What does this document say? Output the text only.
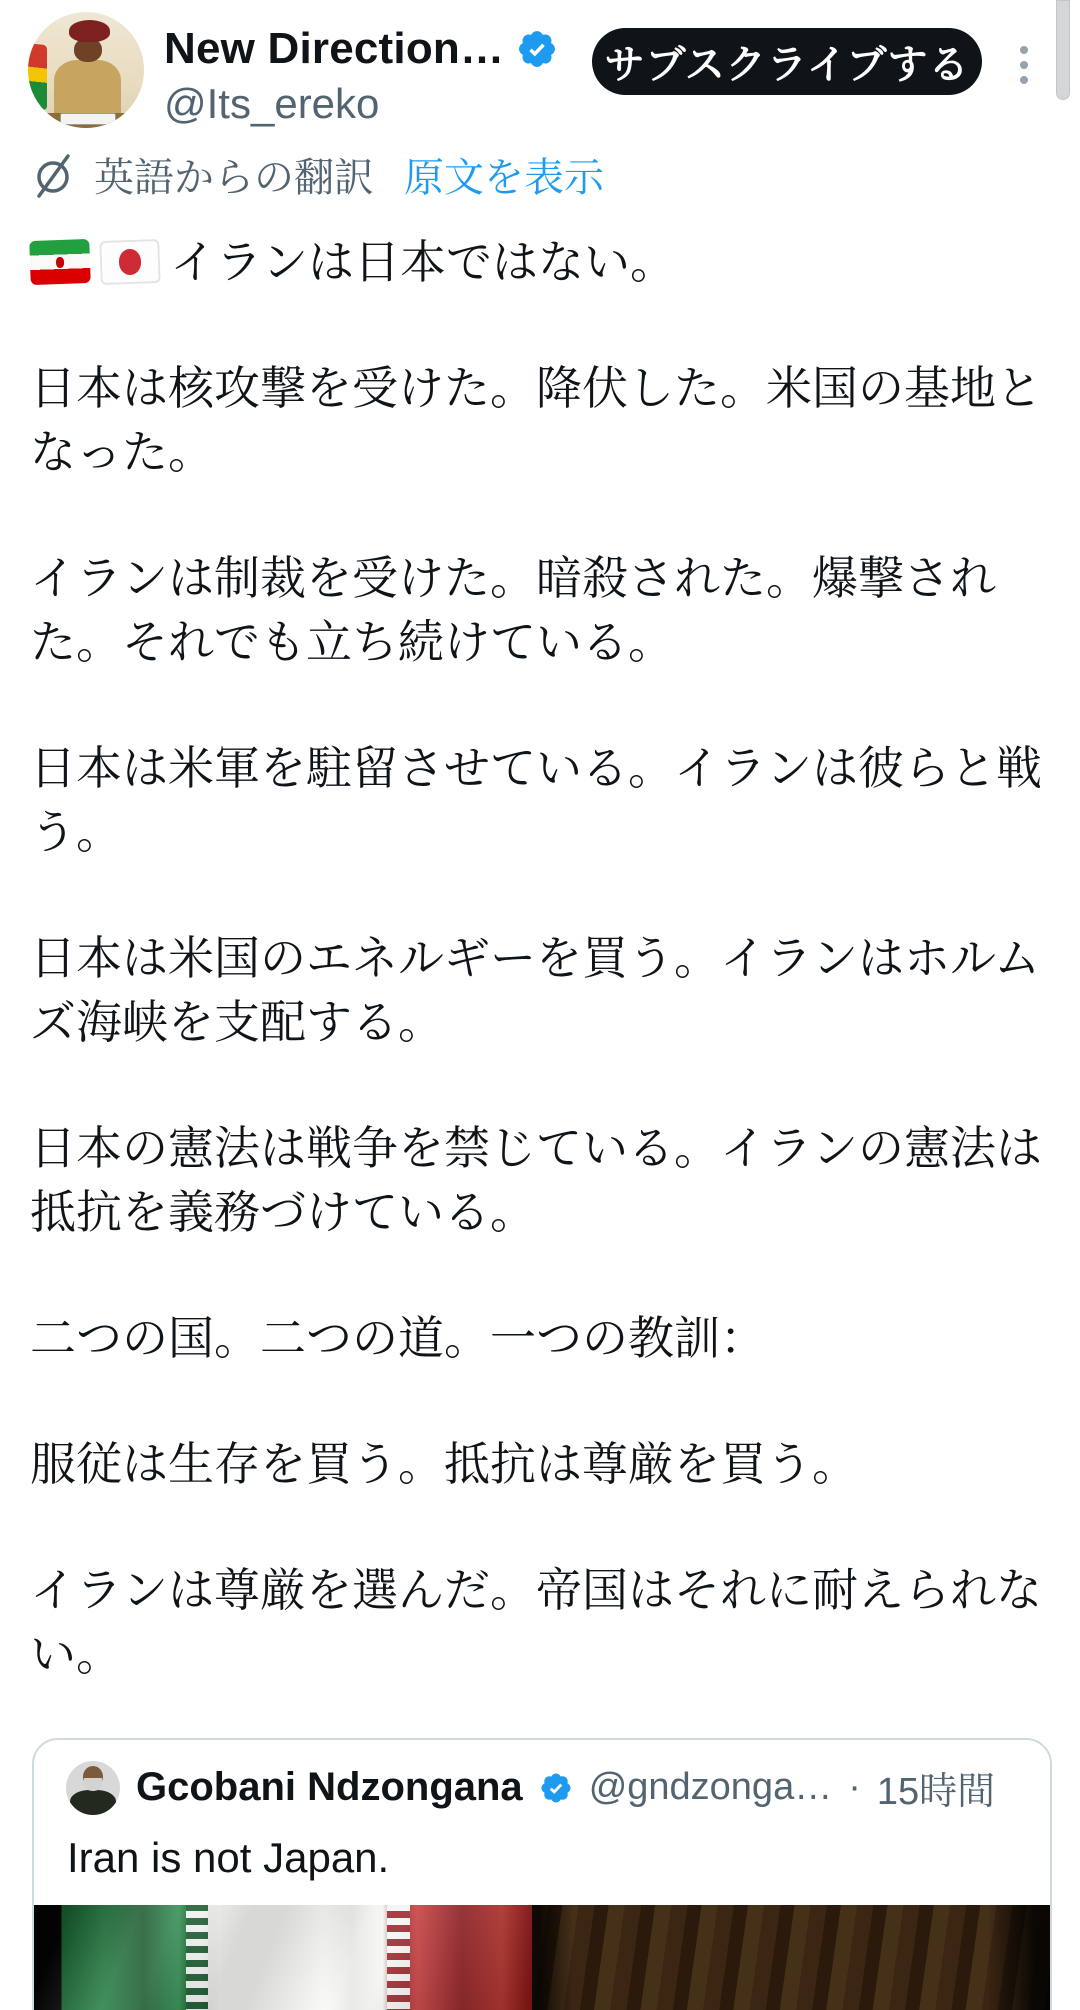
New Direction…
@Its_ereko
サブスクライブする
英語からの翻訳 原文を表示

イランは日本ではない。

日本は核攻撃を受けた。降伏した。米国の基地となった。

イランは制裁を受けた。暗殺された。爆撃された。それでも立ち続けている。

日本は米軍を駐留させている。イランは彼らと戦う。

日本は米国のエネルギーを買う。イランはホルムズ海峡を支配する。

日本の憲法は戦争を禁じている。イランの憲法は抵抗を義務づけている。

二つの国。二つの道。一つの教訓：

服従は生存を買う。抵抗は尊厳を買う。

イランは尊厳を選んだ。帝国はそれに耐えられない。

Gcobani Ndzongana @gndzonga… · 15時間
Iran is not Japan.
